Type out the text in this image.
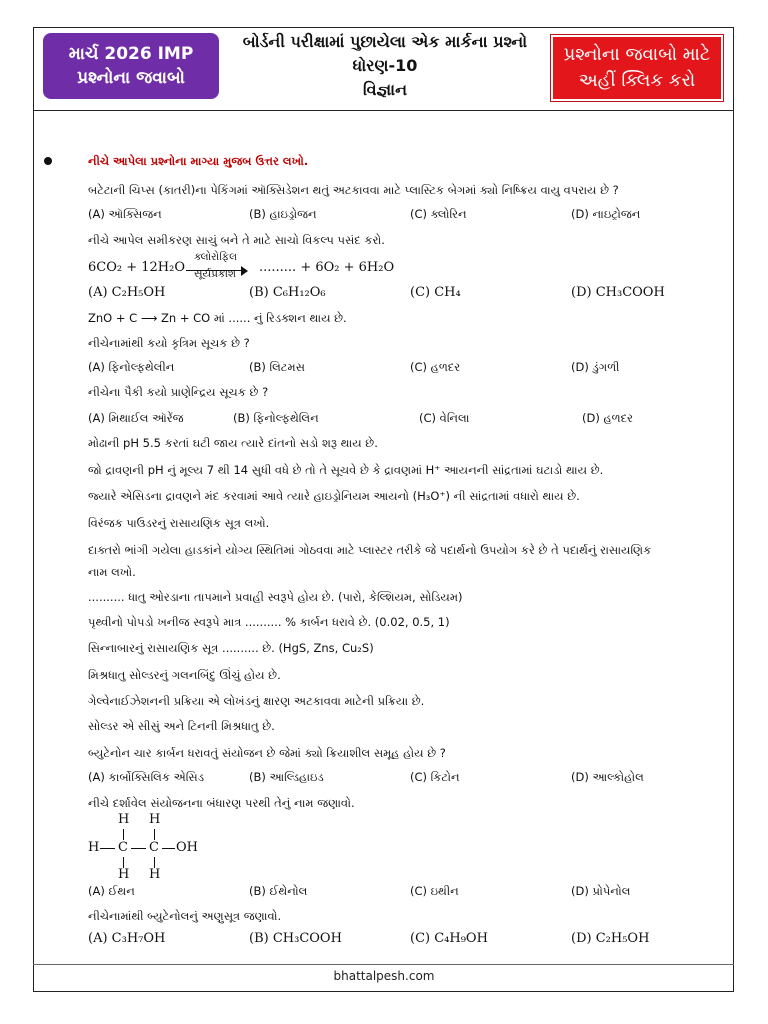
માર્ચ 2026 IMP
પ્રશ્નોના જવાબો
બોર્ડની પરીક્ષામાં પુછાયેલા એક માર્કના પ્રશ્નો
ધોરણ-10
વિજ્ઞાન
પ્રશ્નોના જવાબો માટે
અહીં ક્લિક કરો
નીચે આપેલા પ્રશ્નોના માગ્યા મુજબ ઉત્તર લખો.
બટેટાની ચિપ્સ (કાતરી)ના પેકિંગમાં ઑક્સિડેશન થતું અટકાવવા માટે પ્લાસ્ટિક બેગમાં ક્યો નિષ્ક્રિય વાયુ વપરાય છે ?
(A) ઑક્સિજન	(B) હાઇડ્રોજન	(C) ક્લોરિન	(D) નાઇટ્રોજન
નીચે આપેલ સમીકરણ સાચું બને તે માટે સાચો વિકલ્પ પસંદ કરો.
ક્લોરોફિલ
6CO₂ + 12H₂O સૂર્યપ્રકાશ ......... + 6O₂ + 6H₂O
(A) C₂H₅OH	(B) C₆H₁₂O₆	(C) CH₄	(D) CH₃COOH
ZnO + C ⟶ Zn + CO માં ...... નું રિડક્શન થાય છે.
નીચેનામાંથી કયો કૃત્રિમ સૂચક છે ?
(A) ફિનોલ્ફથેલીન	(B) લિટમસ	(C) હળદર	(D) ડુંગળી
નીચેના પૈકી કયો પ્રાણેન્દ્રિય સૂચક છે ?
(A) મિથાઈલ ઑરેંજ	(B) ફિનોલ્ફથેલિન	(C) વેનિલા	(D) હળદર
મોઢાની pH 5.5 કરતાં ઘટી જાય ત્યારે દાંતનો સડો શરૂ થાય છે.
જો દ્રાવણની pH નું મૂલ્ય 7 થી 14 સુધી વધે છે તો તે સૂચવે છે કે દ્રાવણમાં H⁺ આયનની સાંદ્રતામાં ઘટાડો થાય છે.
જ્યારે એસિડના દ્રાવણને મંદ કરવામાં આવે ત્યારે હાઇડ્રોનિયમ આયનો (H₃O⁺) ની સાંદ્રતામાં વધારો થાય છે.
વિરંજક પાઉડરનું રાસાયણિક સૂત્ર લખો.
દાક્તરો ભાંગી ગયેલા હાડકાંને યોગ્ય સ્થિતિમાં ગોઠવવા માટે પ્લાસ્ટર તરીકે જે પદાર્થનો ઉપયોગ કરે છે તે પદાર્થનું રાસાયણિક
નામ લખો.
.......... ધાતુ ઓરડાના તાપમાને પ્રવાહી સ્વરૂપે હોય છે. (પારો, કેલ્શિયમ, સોડિયમ)
પૃથ્વીનો પોપડો ખનીજ સ્વરૂપે માત્ર .......... % કાર્બન ધરાવે છે. (0.02, 0.5, 1)
સિન્નાબારનું રાસાયણિક સૂત્ર .......... છે. (HgS, Zns, Cu₂S)
મિશ્રધાતુ સોલ્ડરનું ગલનબિંદુ ઊંચું હોય છે.
ગેલ્વેનાઈઝેશનની પ્રક્રિયા એ લોખંડનું ક્ષારણ અટકાવવા માટેની પ્રક્રિયા છે.
સોલ્ડર એ સીસું અને ટિનની મિશ્રધાતુ છે.
બ્યુટેનોન ચાર કાર્બન ધરાવતું સંયોજન છે જેમાં ક્યો ક્રિયાશીલ સમૂહ હોય છે ?
(A) કાર્બોક્સિલિક એસિડ	(B) આલ્ડિહાઇડ	(C) કિટોન	(D) આલ્કોહોલ
નીચે દર્શાવેલ સંયોજનના બંધારણ પરથી તેનું નામ જણાવો.
H H
H C C OH
H H
(A) ઈથન	(B) ઈથેનોલ	(C) ઇથીન	(D) પ્રોપેનોલ
નીચેનામાંથી બ્યુટેનોલનું અણુસૂત્ર જણાવો.
(A) C₃H₇OH	(B) CH₃COOH	(C) C₄H₉OH	(D) C₂H₅OH
bhattalpesh.com
